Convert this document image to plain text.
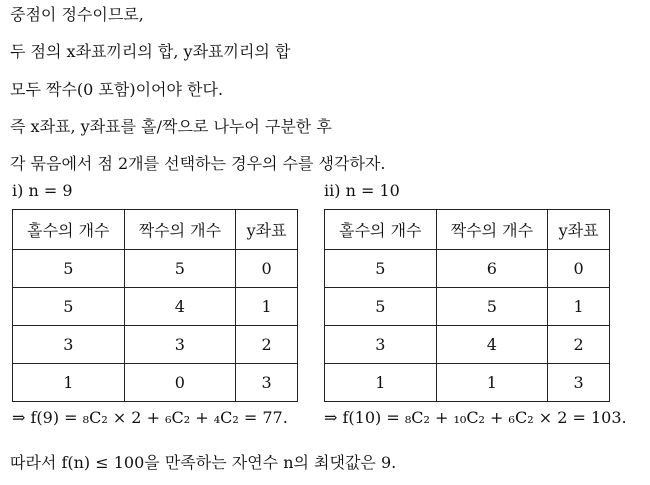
중점이 정수이므로,
두 점의 x좌표끼리의 합, y좌표끼리의 합
모두 짝수(0 포함)이어야 한다.
즉 x좌표, y좌표를 홀/짝으로 나누어 구분한 후
각 묶음에서 점 2개를 선택하는 경우의 수를 생각하자.
i) n = 9	ii) n = 10
홀수의 개수	짝수의 개수	y좌표
5	5	0
5	4	1
3	3	2
1	0	3
홀수의 개수	짝수의 개수	y좌표
5	6	0
5	5	1
3	4	2
1	1	3
⇒ f(9) = ₈C₂ × 2 + ₆C₂ + ₄C₂ = 77. ⇒ f(10) = ₈C₂ + ₁₀C₂ + ₆C₂ × 2 = 103.
따라서 f(n) ≤ 100을 만족하는 자연수 n의 최댓값은 9.
